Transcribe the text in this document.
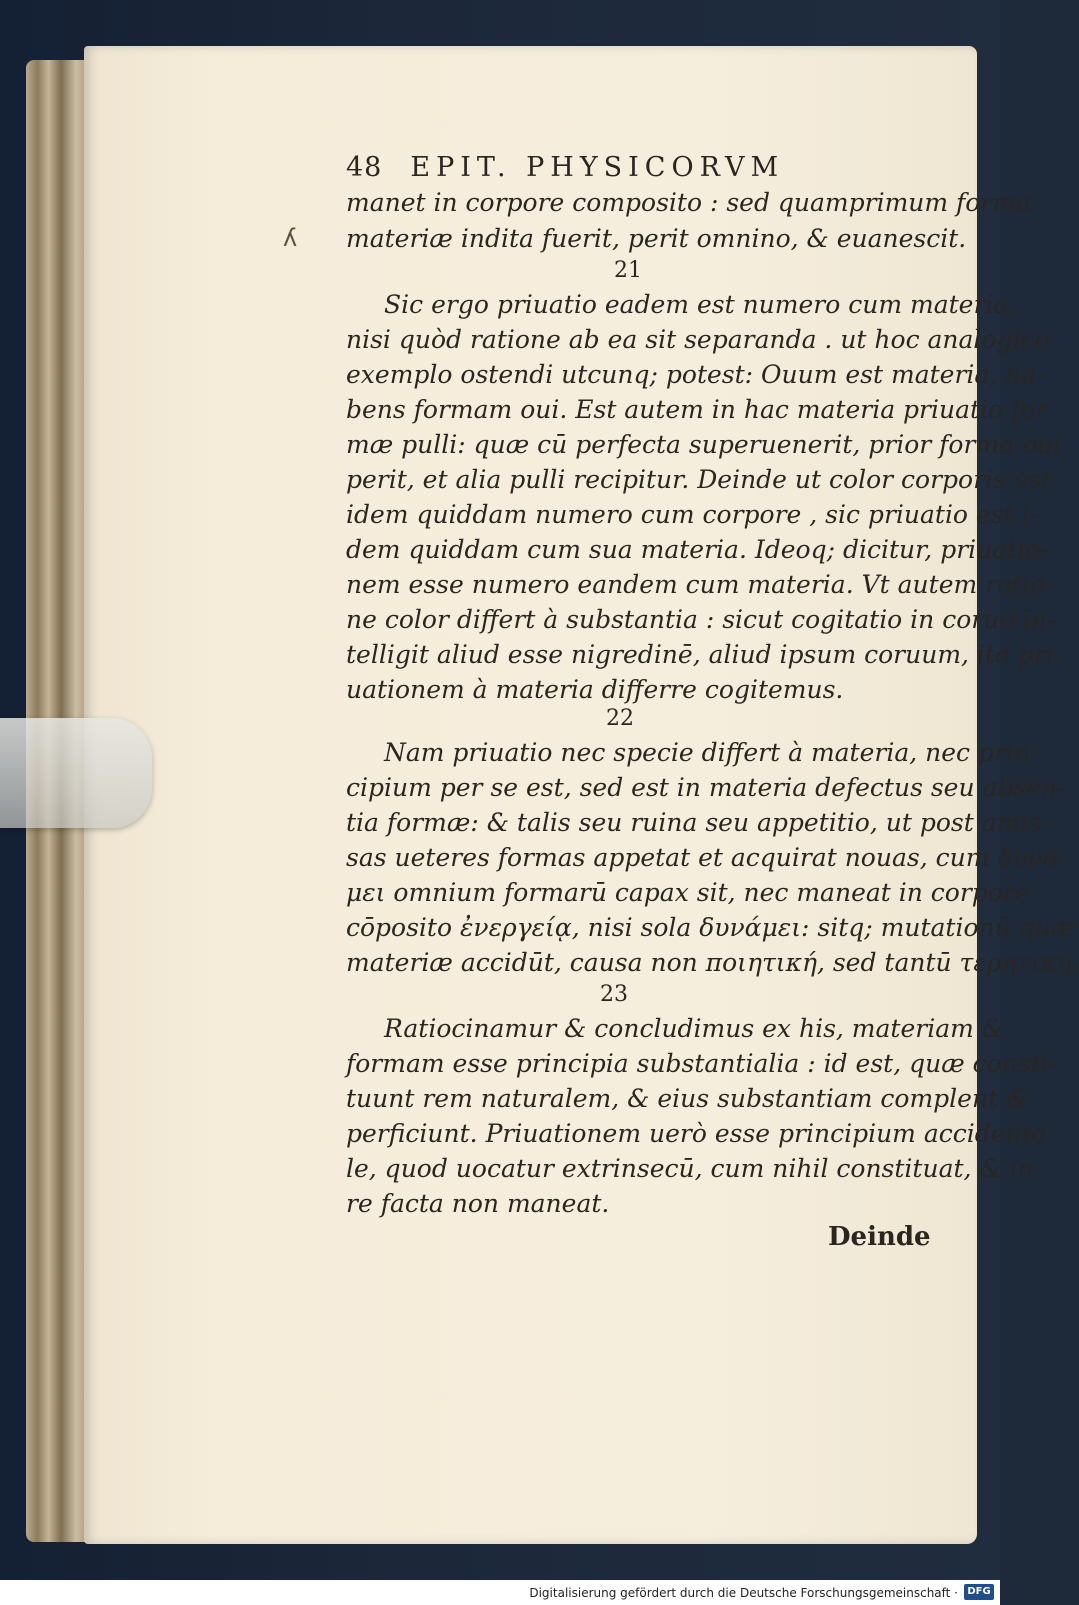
ʎ
48 EPIT. PHYSICORVM
manet in corpore composito : sed quamprimum forma
materiæ indita fuerit, perit omnino, & euanescit.
21
Sic ergo priuatio eadem est numero cum materia,
nisi quòd ratione ab ea sit separanda . ut hoc analogico
exemplo ostendi utcunq; potest: Ouum est materia, ha-
bens formam oui. Est autem in hac materia priuatio for
mæ pulli: quæ cū perfecta superuenerit, prior forma oui
perit, et alia pulli recipitur. Deinde ut color corporis est
idem quiddam numero cum corpore , sic priuatio est i-
dem quiddam cum sua materia. Ideoq; dicitur, priuatio-
nem esse numero eandem cum materia. Vt autem ratio-
ne color differt à substantia : sicut cogitatio in coruo in-
telligit aliud esse nigredinē, aliud ipsum coruum, ita pri-
uationem à materia differre cogitemus.
22
Nam priuatio nec specie differt à materia, nec prin-
cipium per se est, sed est in materia defectus seu absen-
tia formæ: & talis seu ruina seu appetitio, ut post amis-
sas ueteres formas appetat et acquirat nouas, cum δυνά-
μει omnium formarū capax sit, nec maneat in corpore
cōposito ἐνεργείᾳ, nisi sola δυνάμει: sitq; mutationū quæ
materiæ accidūt, causa non ποιητική, sed tantū τερητική.
23
Ratiocinamur & concludimus ex his, materiam &
formam esse principia substantialia : id est, quæ consti-
tuunt rem naturalem, & eius substantiam complent &
perficiunt. Priuationem uerò esse principium accidenta
le, quod uocatur extrinsecū, cum nihil constituat, & in
re facta non maneat.
Deinde
Digitalisierung gefördert durch die Deutsche Forschungsgemeinschaft · DFG
